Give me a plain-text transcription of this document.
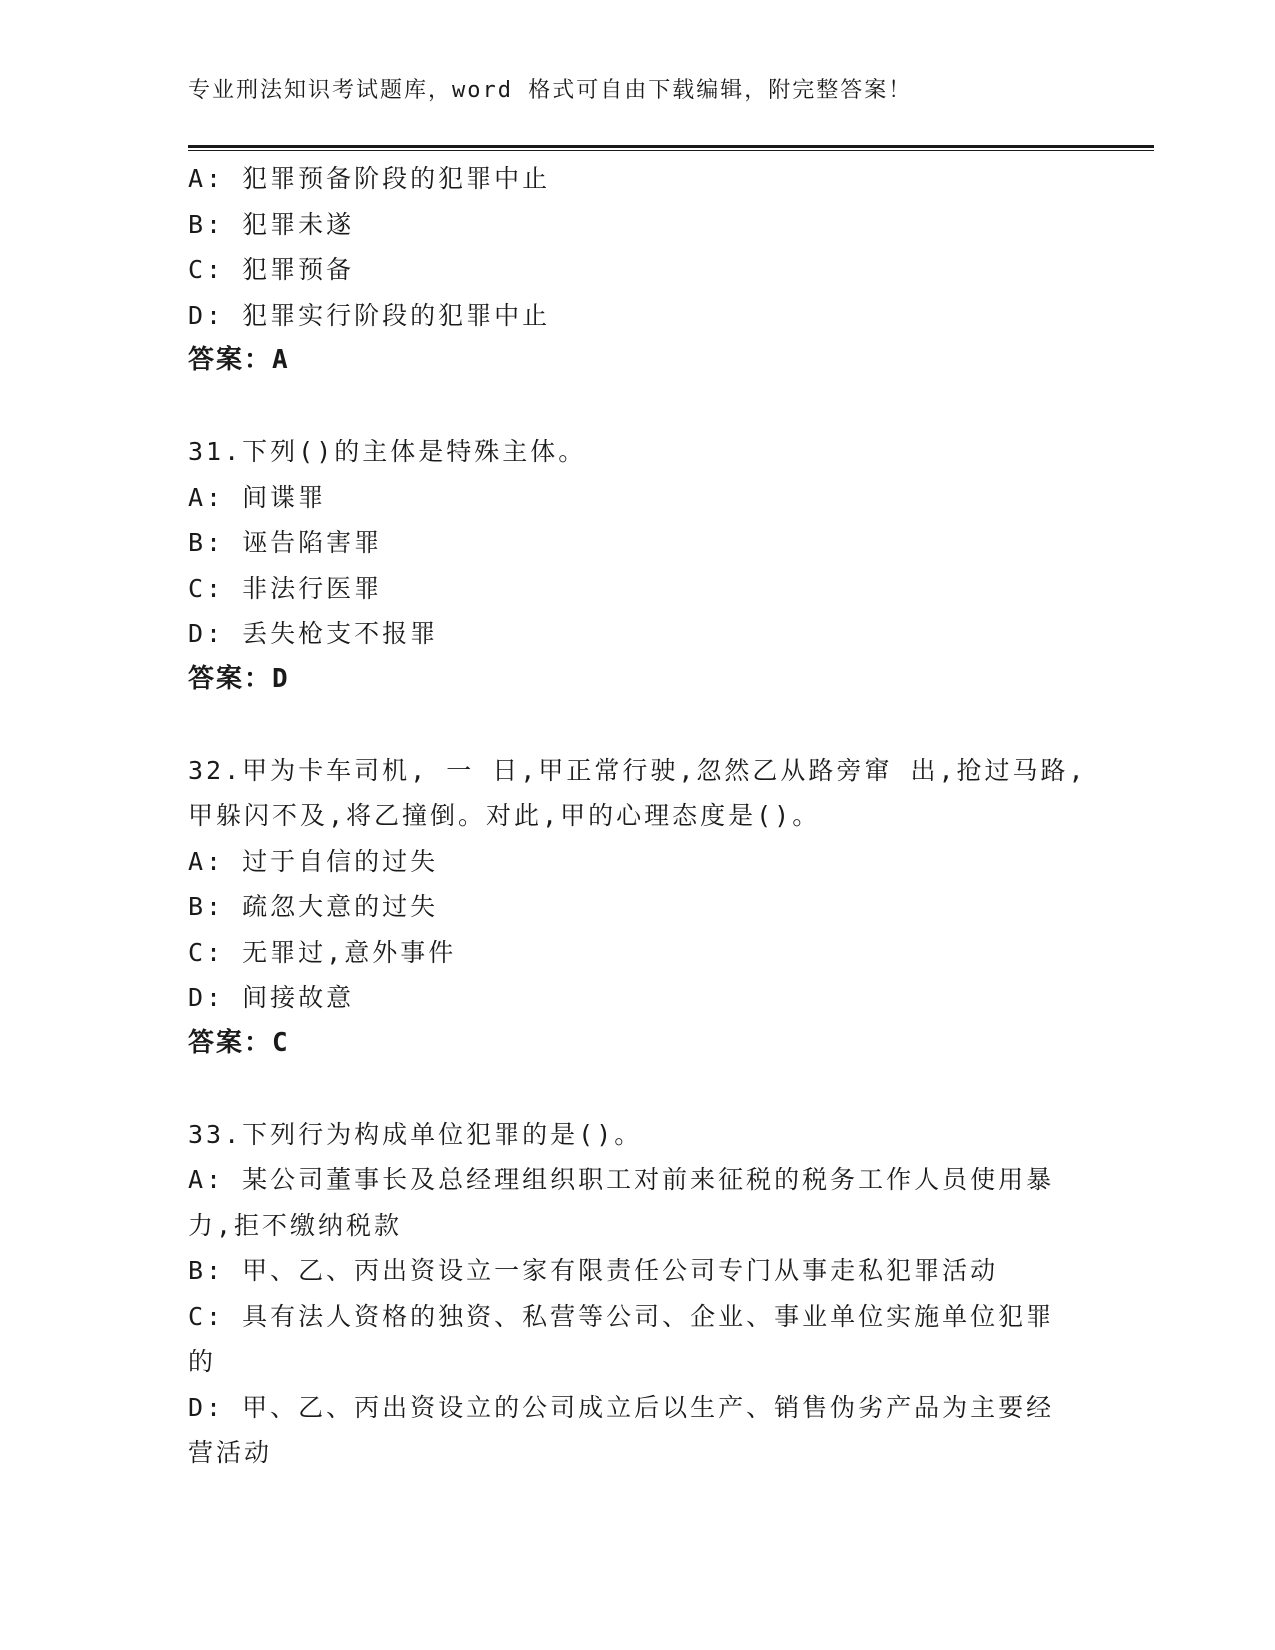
专业刑法知识考试题库，word 格式可自由下载编辑，附完整答案！
A: 犯罪预备阶段的犯罪中止
B: 犯罪未遂
C: 犯罪预备
D: 犯罪实行阶段的犯罪中止
答案：A
31.下列()的主体是特殊主体。
A: 间谍罪
B: 诬告陷害罪
C: 非法行医罪
D: 丢失枪支不报罪
答案：D
32.甲为卡车司机, 一 日,甲正常行驶,忽然乙从路旁窜 出,抢过马路,
甲躲闪不及,将乙撞倒。对此,甲的心理态度是()。
A: 过于自信的过失
B: 疏忽大意的过失
C: 无罪过,意外事件
D: 间接故意
答案：C
33.下列行为构成单位犯罪的是()。
A: 某公司董事长及总经理组织职工对前来征税的税务工作人员使用暴
力,拒不缴纳税款
B: 甲、乙、丙出资设立一家有限责任公司专门从事走私犯罪活动
C: 具有法人资格的独资、私营等公司、企业、事业单位实施单位犯罪
的
D: 甲、乙、丙出资设立的公司成立后以生产、销售伪劣产品为主要经
营活动
